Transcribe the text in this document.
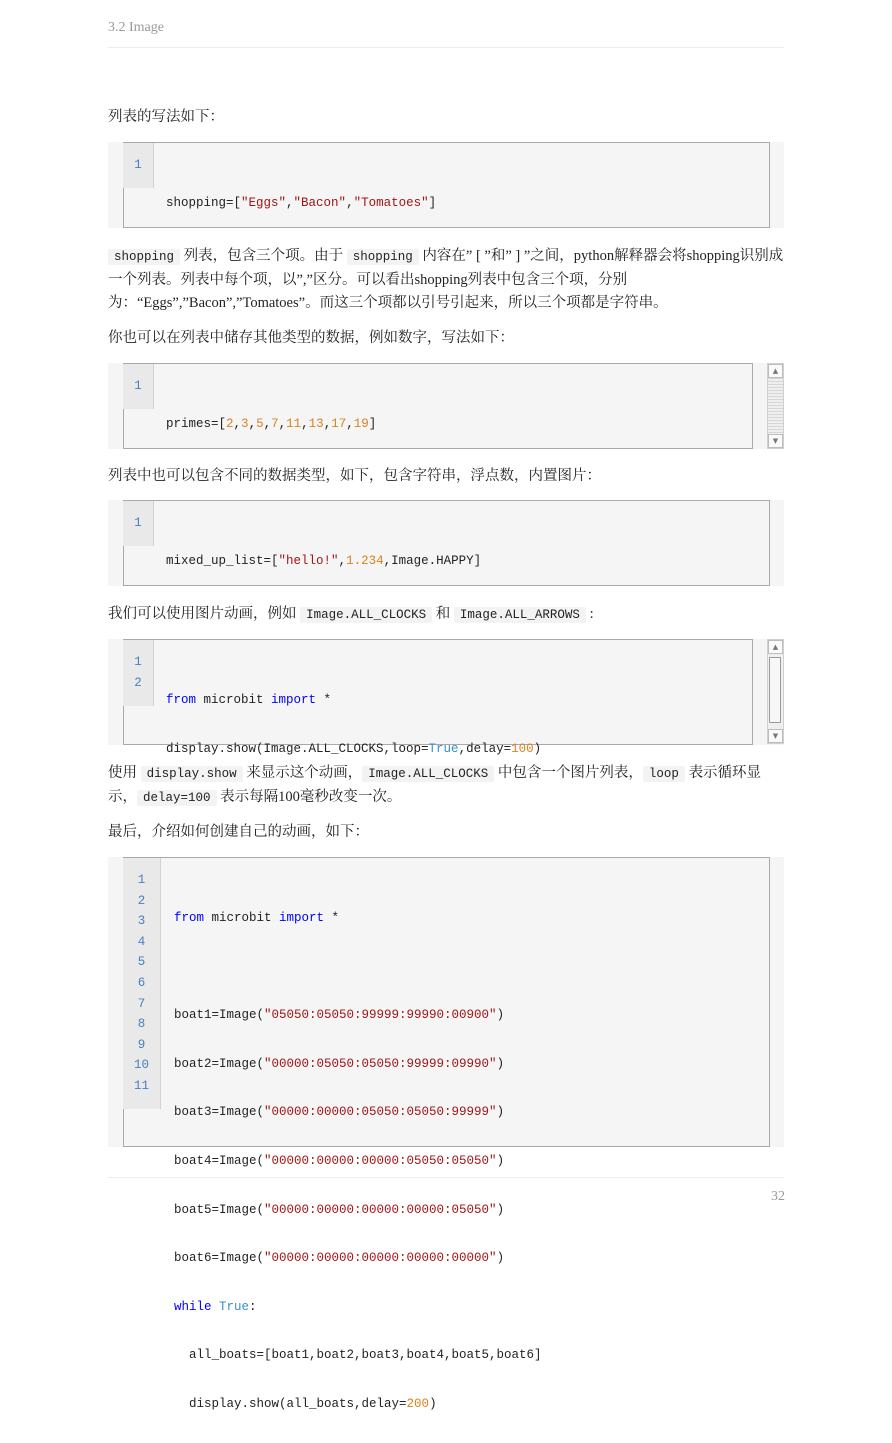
3.2 Image
列表的写法如下：
1

shopping=["Eggs","Bacon","Tomatoes"]

shopping 列表，包含三个项。由于 shopping 内容在” [ ”和” ] ”之间，python解释器会将shopping识别成一个列表。列表中每个项，以”,”区分。可以看出shopping列表中包含三个项，分别为：“Eggs”,”Bacon”,”Tomatoes”。而这三个项都以引号引起来，所以三个项都是字符串。
你也可以在列表中储存其他类型的数据，例如数字，写法如下：
1

primes=[2,3,5,7,11,13,17,19]

▲
▼
列表中也可以包含不同的数据类型，如下，包含字符串，浮点数，内置图片：
1

mixed_up_list=["hello!",1.234,Image.HAPPY]

我们可以使用图片动画，例如 Image.ALL_CLOCKS 和 Image.ALL_ARROWS :
1
2

from microbit import *

display.show(Image.ALL_CLOCKS,loop=True,delay=100)

▲
▼
使用 display.show 来显示这个动画， Image.ALL_CLOCKS 中包含一个图片列表， loop 表示循环显示， delay=100 表示每隔100毫秒改变一次。
最后，介绍如何创建自己的动画，如下：
1
2
3
4
5
6
7
8
9
10
11

from microbit import *

boat1=Image("05050:05050:99999:99990:00900")

boat2=Image("00000:05050:05050:99999:09990")

boat3=Image("00000:00000:05050:05050:99999")

boat4=Image("00000:00000:00000:05050:05050")

boat5=Image("00000:00000:00000:00000:05050")

boat6=Image("00000:00000:00000:00000:00000")

while True:

all_boats=[boat1,boat2,boat3,boat4,boat5,boat6]

display.show(all_boats,delay=200)

32
